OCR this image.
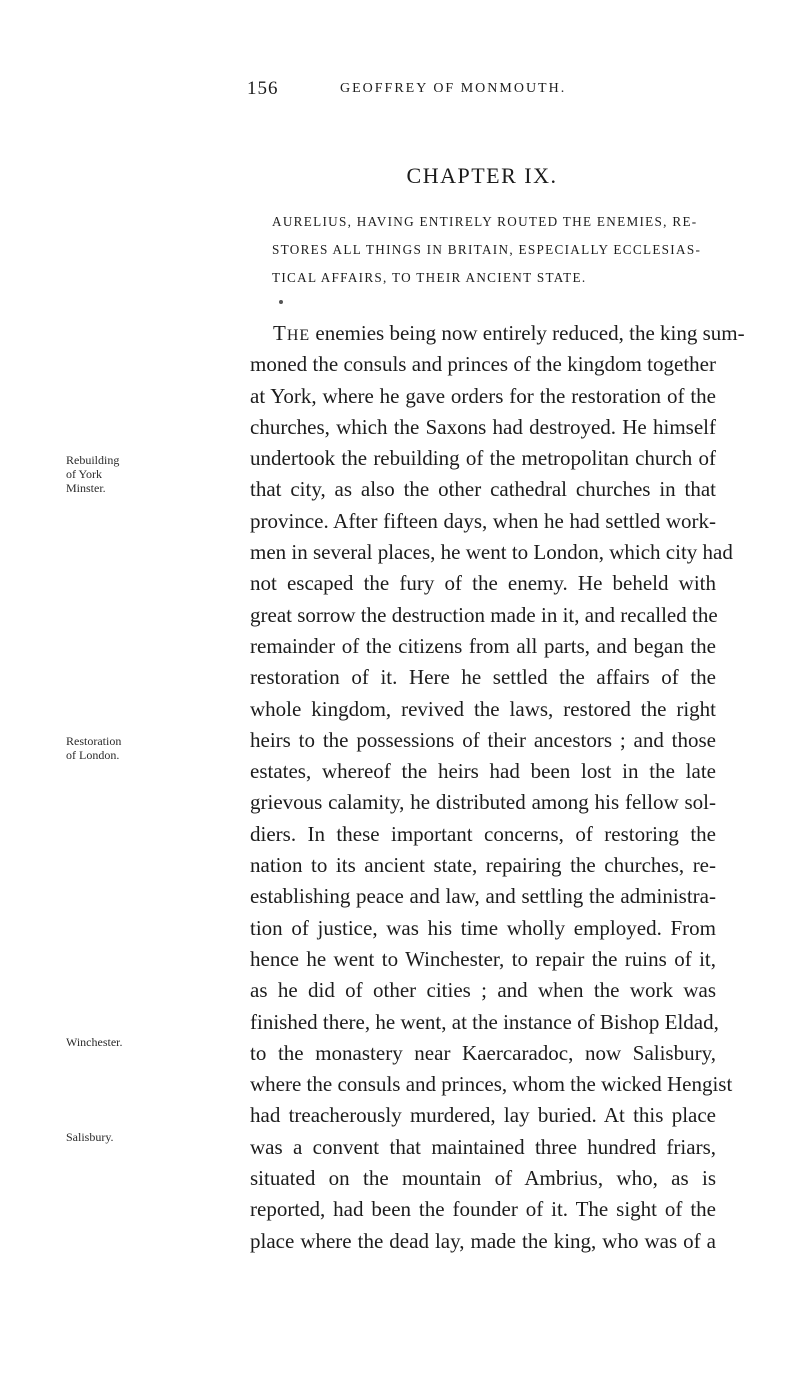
156	GEOFFREY OF MONMOUTH.
CHAPTER IX.
AURELIUS, HAVING ENTIRELY ROUTED THE ENEMIES, RE-
STORES ALL THINGS IN BRITAIN, ESPECIALLY ECCLESIAS-
TICAL AFFAIRS, TO THEIR ANCIENT STATE.
THE enemies being now entirely reduced, the king sum-
moned the consuls and princes of the kingdom together
at York, where he gave orders for the restoration of the
churches, which the Saxons had destroyed. He himself
undertook the rebuilding of the metropolitan church of
that city, as also the other cathedral churches in that
province. After fifteen days, when he had settled work-
men in several places, he went to London, which city had
not escaped the fury of the enemy. He beheld with
great sorrow the destruction made in it, and recalled the
remainder of the citizens from all parts, and began the
restoration of it. Here he settled the affairs of the
whole kingdom, revived the laws, restored the right
heirs to the possessions of their ancestors ; and those
estates, whereof the heirs had been lost in the late
grievous calamity, he distributed among his fellow sol-
diers. In these important concerns, of restoring the
nation to its ancient state, repairing the churches, re-
establishing peace and law, and settling the administra-
tion of justice, was his time wholly employed. From
hence he went to Winchester, to repair the ruins of it,
as he did of other cities ; and when the work was
finished there, he went, at the instance of Bishop Eldad,
to the monastery near Kaercaradoc, now Salisbury,
where the consuls and princes, whom the wicked Hengist
had treacherously murdered, lay buried. At this place
was a convent that maintained three hundred friars,
situated on the mountain of Ambrius, who, as is
reported, had been the founder of it. The sight of the
place where the dead lay, made the king, who was of a
Rebuilding
of York
Minster.
Restoration
of London.
Winchester.
Salisbury.
